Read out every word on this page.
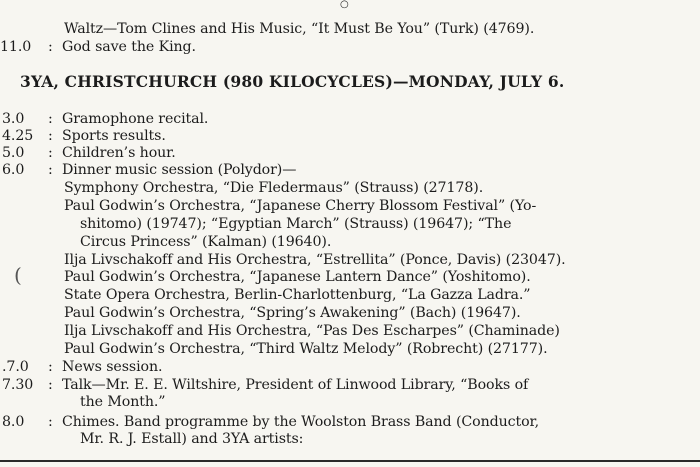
○
Waltz—Tom Clines and His Music, “It Must Be You” (Turk) (4769).
11.0	: God save the King.
3YA, CHRISTCHURCH (980 KILOCYCLES)—MONDAY, JULY 6.
3.0	: Gramophone recital.
4.25	: Sports results.
5.0	: Children’s hour.
6.0	: Dinner music session (Polydor)—
Symphony Orchestra, “Die Fledermaus” (Strauss) (27178).
Paul Godwin’s Orchestra, “Japanese Cherry Blossom Festival” (Yo-
shitomo) (19747); “Egyptian March” (Strauss) (19647); “The
Circus Princess” (Kalman) (19640).
Ilja Livschakoff and His Orchestra, “Estrellita” (Ponce, Davis) (23047).
Paul Godwin’s Orchestra, “Japanese Lantern Dance” (Yoshitomo).
State Opera Orchestra, Berlin-Charlottenburg, “La Gazza Ladra.”
Paul Godwin’s Orchestra, “Spring’s Awakening” (Bach) (19647).
Ilja Livschakoff and His Orchestra, “Pas Des Escharpes” (Chaminade)
Paul Godwin’s Orchestra, “Third Waltz Melody” (Robrecht) (27177).
.7.0	: News session.
7.30	: Talk—Mr. E. E. Wiltshire, President of Linwood Library, “Books of
the Month.”
8.0	: Chimes. Band programme by the Woolston Brass Band (Conductor,
Mr. R. J. Estall) and 3YA artists:
(
